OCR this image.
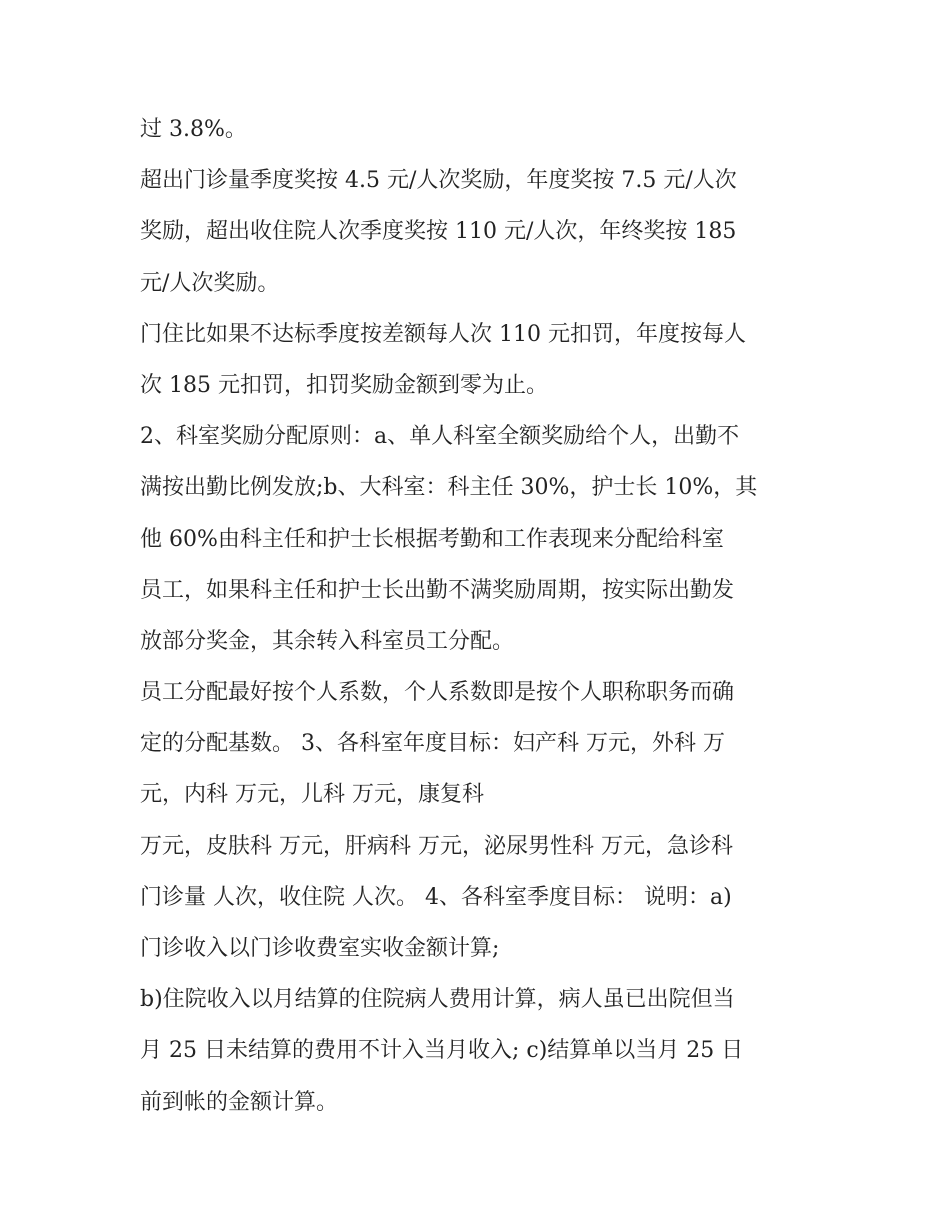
过 3.8%。
超出门诊量季度奖按 4.5 元/人次奖励，年度奖按 7.5 元/人次
奖励，超出收住院人次季度奖按 110 元/人次，年终奖按 185
元/人次奖励。
门住比如果不达标季度按差额每人次 110 元扣罚，年度按每人
次 185 元扣罚，扣罚奖励金额到零为止。
2、科室奖励分配原则：a、单人科室全额奖励给个人，出勤不
满按出勤比例发放;b、大科室：科主任 30%，护士长 10%，其
他 60%由科主任和护士长根据考勤和工作表现来分配给科室
员工，如果科主任和护士长出勤不满奖励周期，按实际出勤发
放部分奖金，其余转入科室员工分配。
员工分配最好按个人系数，个人系数即是按个人职称职务而确
定的分配基数。 3、各科室年度目标：妇产科 万元，外科 万
元，内科 万元，儿科 万元，康复科
万元，皮肤科 万元，肝病科 万元，泌尿男性科 万元，急诊科
门诊量 人次，收住院 人次。 4、各科室季度目标： 说明：a)
门诊收入以门诊收费室实收金额计算;
b)住院收入以月结算的住院病人费用计算，病人虽已出院但当
月 25 日未结算的费用不计入当月收入; c)结算单以当月 25 日
前到帐的金额计算。
